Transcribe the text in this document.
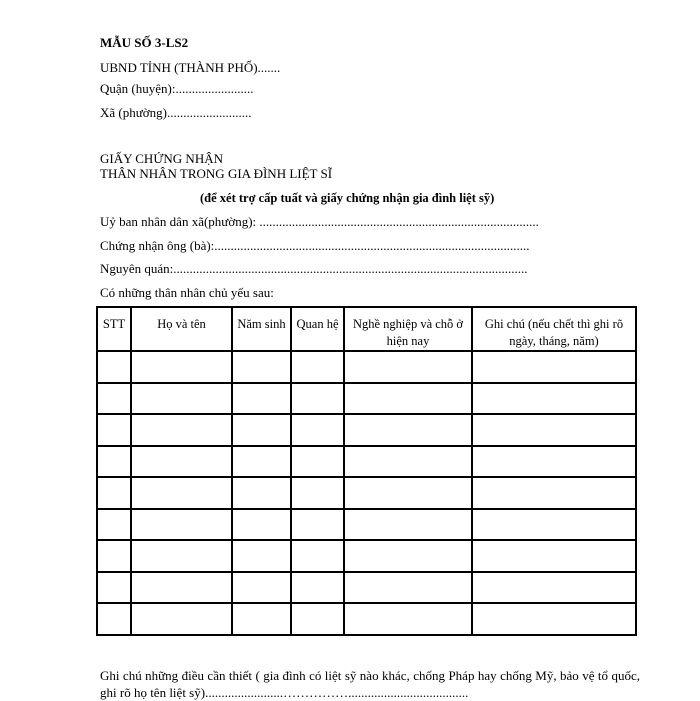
MẪU SỐ 3-LS2
UBND TỈNH (THÀNH PHỐ).......
Quận (huyện):........................
Xã (phường)..........................
GIẤY CHỨNG NHẬN
THÂN NHÂN TRONG GIA ĐÌNH LIỆT SĨ
(để xét trợ cấp tuất và giấy chứng nhận gia đình liệt sỹ)
Uỷ ban nhân dân xã(phường): ......................................................................................
Chứng nhận ông (bà):.................................................................................................
Nguyên quán:.............................................................................................................
Có những thân nhân chủ yếu sau:
STT	Họ và tên	Năm sinh	Quan hệ	Nghề nghiệp và chỗ ở hiện nay	Ghi chú (nếu chết thì ghi rõ ngày, tháng, năm)

Ghi chú những điều cần thiết ( gia đình có liệt sỹ nào khác, chống Pháp hay chống Mỹ, bảo vệ tổ quốc, ghi rõ họ tên liệt sỹ)........................…………….....................................
